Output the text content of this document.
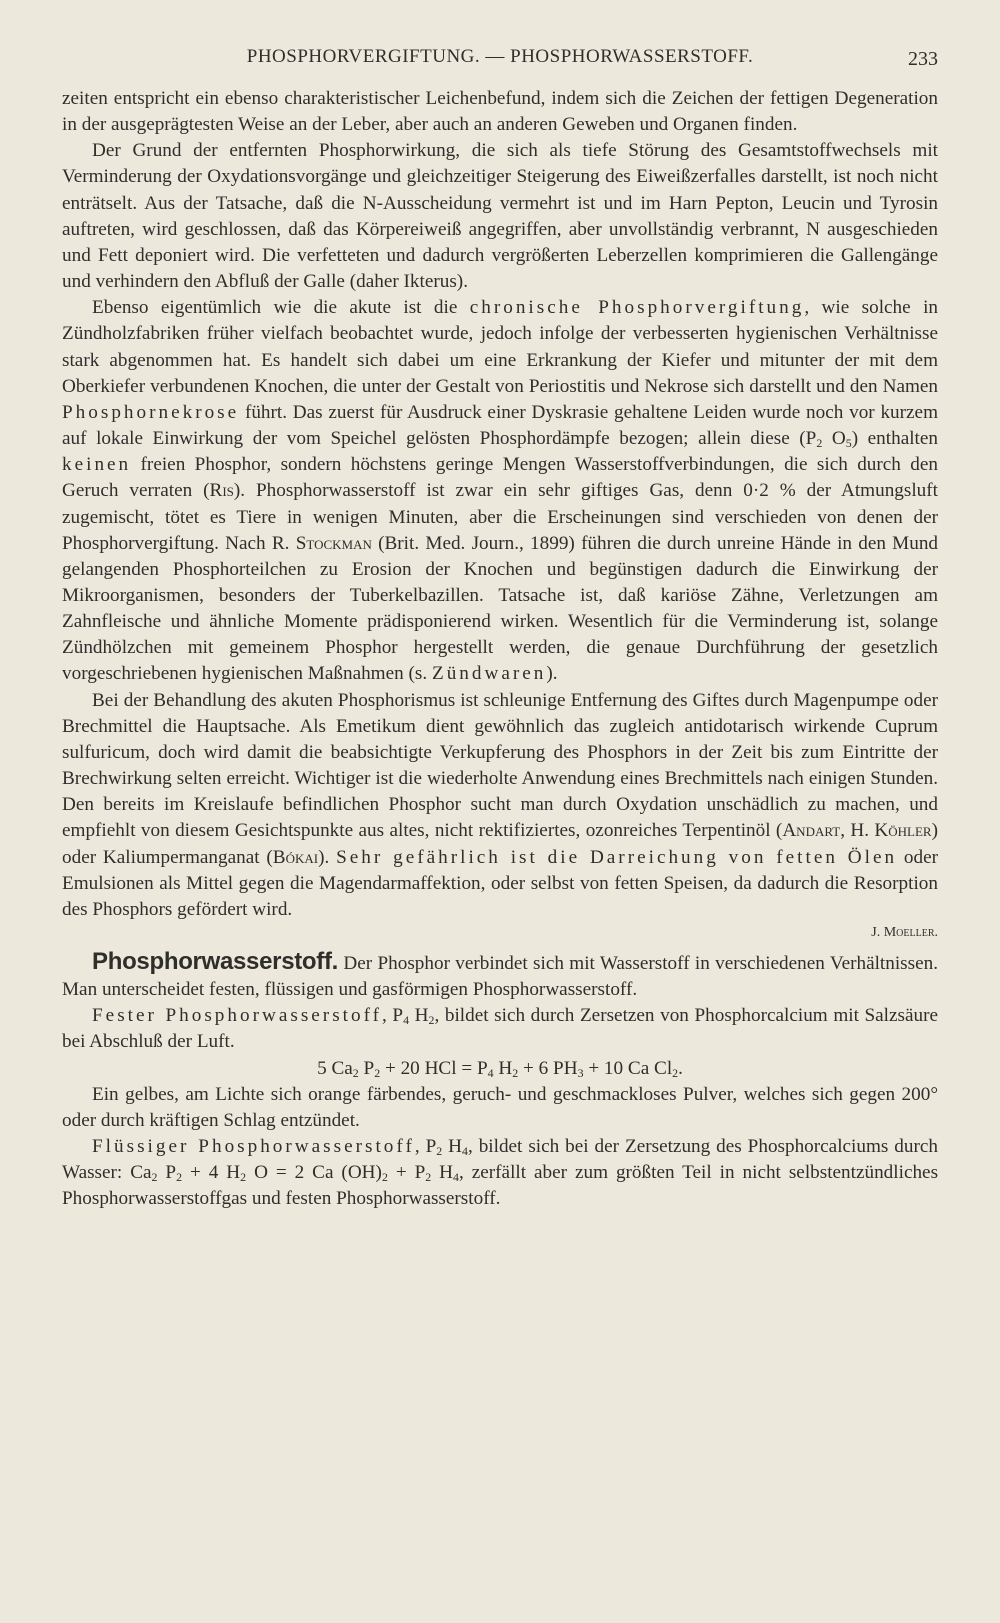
PHOSPHORVERGIFTUNG. — PHOSPHORWASSERSTOFF.	233

zeiten entspricht ein ebenso charakteristischer Leichenbefund, indem sich die Zeichen der fettigen Degeneration in der ausgeprägtesten Weise an der Leber, aber auch an anderen Geweben und Organen finden.

Der Grund der entfernten Phosphorwirkung, die sich als tiefe Störung des Gesamtstoffwechsels mit Verminderung der Oxydationsvorgänge und gleichzeitiger Steigerung des Eiweißzerfalles darstellt, ist noch nicht enträtselt. Aus der Tatsache, daß die N-Ausscheidung vermehrt ist und im Harn Pepton, Leucin und Tyrosin auftreten, wird geschlossen, daß das Körpereiweiß angegriffen, aber unvollständig verbrannt, N ausgeschieden und Fett deponiert wird. Die verfetteten und dadurch vergrößerten Leberzellen komprimieren die Gallengänge und verhindern den Abfluß der Galle (daher Ikterus).

Ebenso eigentümlich wie die akute ist die chronische Phosphorvergiftung, wie solche in Zündholzfabriken früher vielfach beobachtet wurde, jedoch infolge der verbesserten hygienischen Verhältnisse stark abgenommen hat. Es handelt sich dabei um eine Erkrankung der Kiefer und mitunter der mit dem Oberkiefer verbundenen Knochen, die unter der Gestalt von Periostitis und Nekrose sich darstellt und den Namen Phosphornekrose führt. Das zuerst für Ausdruck einer Dyskrasie gehaltene Leiden wurde noch vor kurzem auf lokale Einwirkung der vom Speichel gelösten Phosphordämpfe bezogen; allein diese ($P_2$ $O_5$) enthalten keinen freien Phosphor, sondern höchstens geringe Mengen Wasserstoffverbindungen, die sich durch den Geruch verraten (Ris). Phosphorwasserstoff ist zwar ein sehr giftiges Gas, denn 0·2 % der Atmungsluft zugemischt, tötet es Tiere in wenigen Minuten, aber die Erscheinungen sind verschieden von denen der Phosphorvergiftung. Nach R. Stockman (Brit. Med. Journ., 1899) führen die durch unreine Hände in den Mund gelangenden Phosphorteilchen zu Erosion der Knochen und begünstigen dadurch die Einwirkung der Mikroorganismen, besonders der Tuberkelbazillen. Tatsache ist, daß kariöse Zähne, Verletzungen am Zahnfleische und ähnliche Momente prädisponierend wirken. Wesentlich für die Verminderung ist, solange Zündhölzchen mit gemeinem Phosphor hergestellt werden, die genaue Durchführung der gesetzlich vorgeschriebenen hygienischen Maßnahmen (s. Zündwaren).

Bei der Behandlung des akuten Phosphorismus ist schleunige Entfernung des Giftes durch Magenpumpe oder Brechmittel die Hauptsache. Als Emetikum dient gewöhnlich das zugleich antidotarisch wirkende Cuprum sulfuricum, doch wird damit die beabsichtigte Verkupferung des Phosphors in der Zeit bis zum Eintritte der Brechwirkung selten erreicht. Wichtiger ist die wiederholte Anwendung eines Brechmittels nach einigen Stunden. Den bereits im Kreislaufe befindlichen Phosphor sucht man durch Oxydation unschädlich zu machen, und empfiehlt von diesem Gesichtspunkte aus altes, nicht rektifiziertes, ozonreiches Terpentinöl (Andart, H. Köhler) oder Kaliumpermanganat (Bókai). Sehr gefährlich ist die Darreichung von fetten Ölen oder Emulsionen als Mittel gegen die Magendarmaffektion, oder selbst von fetten Speisen, da dadurch die Resorption des Phosphors gefördert wird.

J. Moeller.

Phosphorwasserstoff. Der Phosphor verbindet sich mit Wasserstoff in verschiedenen Verhältnissen. Man unterscheidet festen, flüssigen und gasförmigen Phosphorwasserstoff.

Fester Phosphorwasserstoff, $P_4$ $H_2$, bildet sich durch Zersetzen von Phosphorcalcium mit Salzsäure bei Abschluß der Luft.

5 $Ca_2$ $P_2 + 20$ HCl = $P_4$ $H_2 + 6$ $PH_3 + 10$ Ca $Cl_2$.

Ein gelbes, am Lichte sich orange färbendes, geruch- und geschmackloses Pulver, welches sich gegen 200° oder durch kräftigen Schlag entzündet.

Flüssiger Phosphorwasserstoff, $P_2$ $H_4$, bildet sich bei der Zersetzung des Phosphorcalciums durch Wasser: $Ca_2$ $P_2 + 4$ $H_2$ O = 2 Ca $(OH)_2 + P_2$ $H_4$, zerfällt aber zum größten Teil in nicht selbstentzündliches Phosphorwasserstoffgas und festen Phosphorwasserstoff.
